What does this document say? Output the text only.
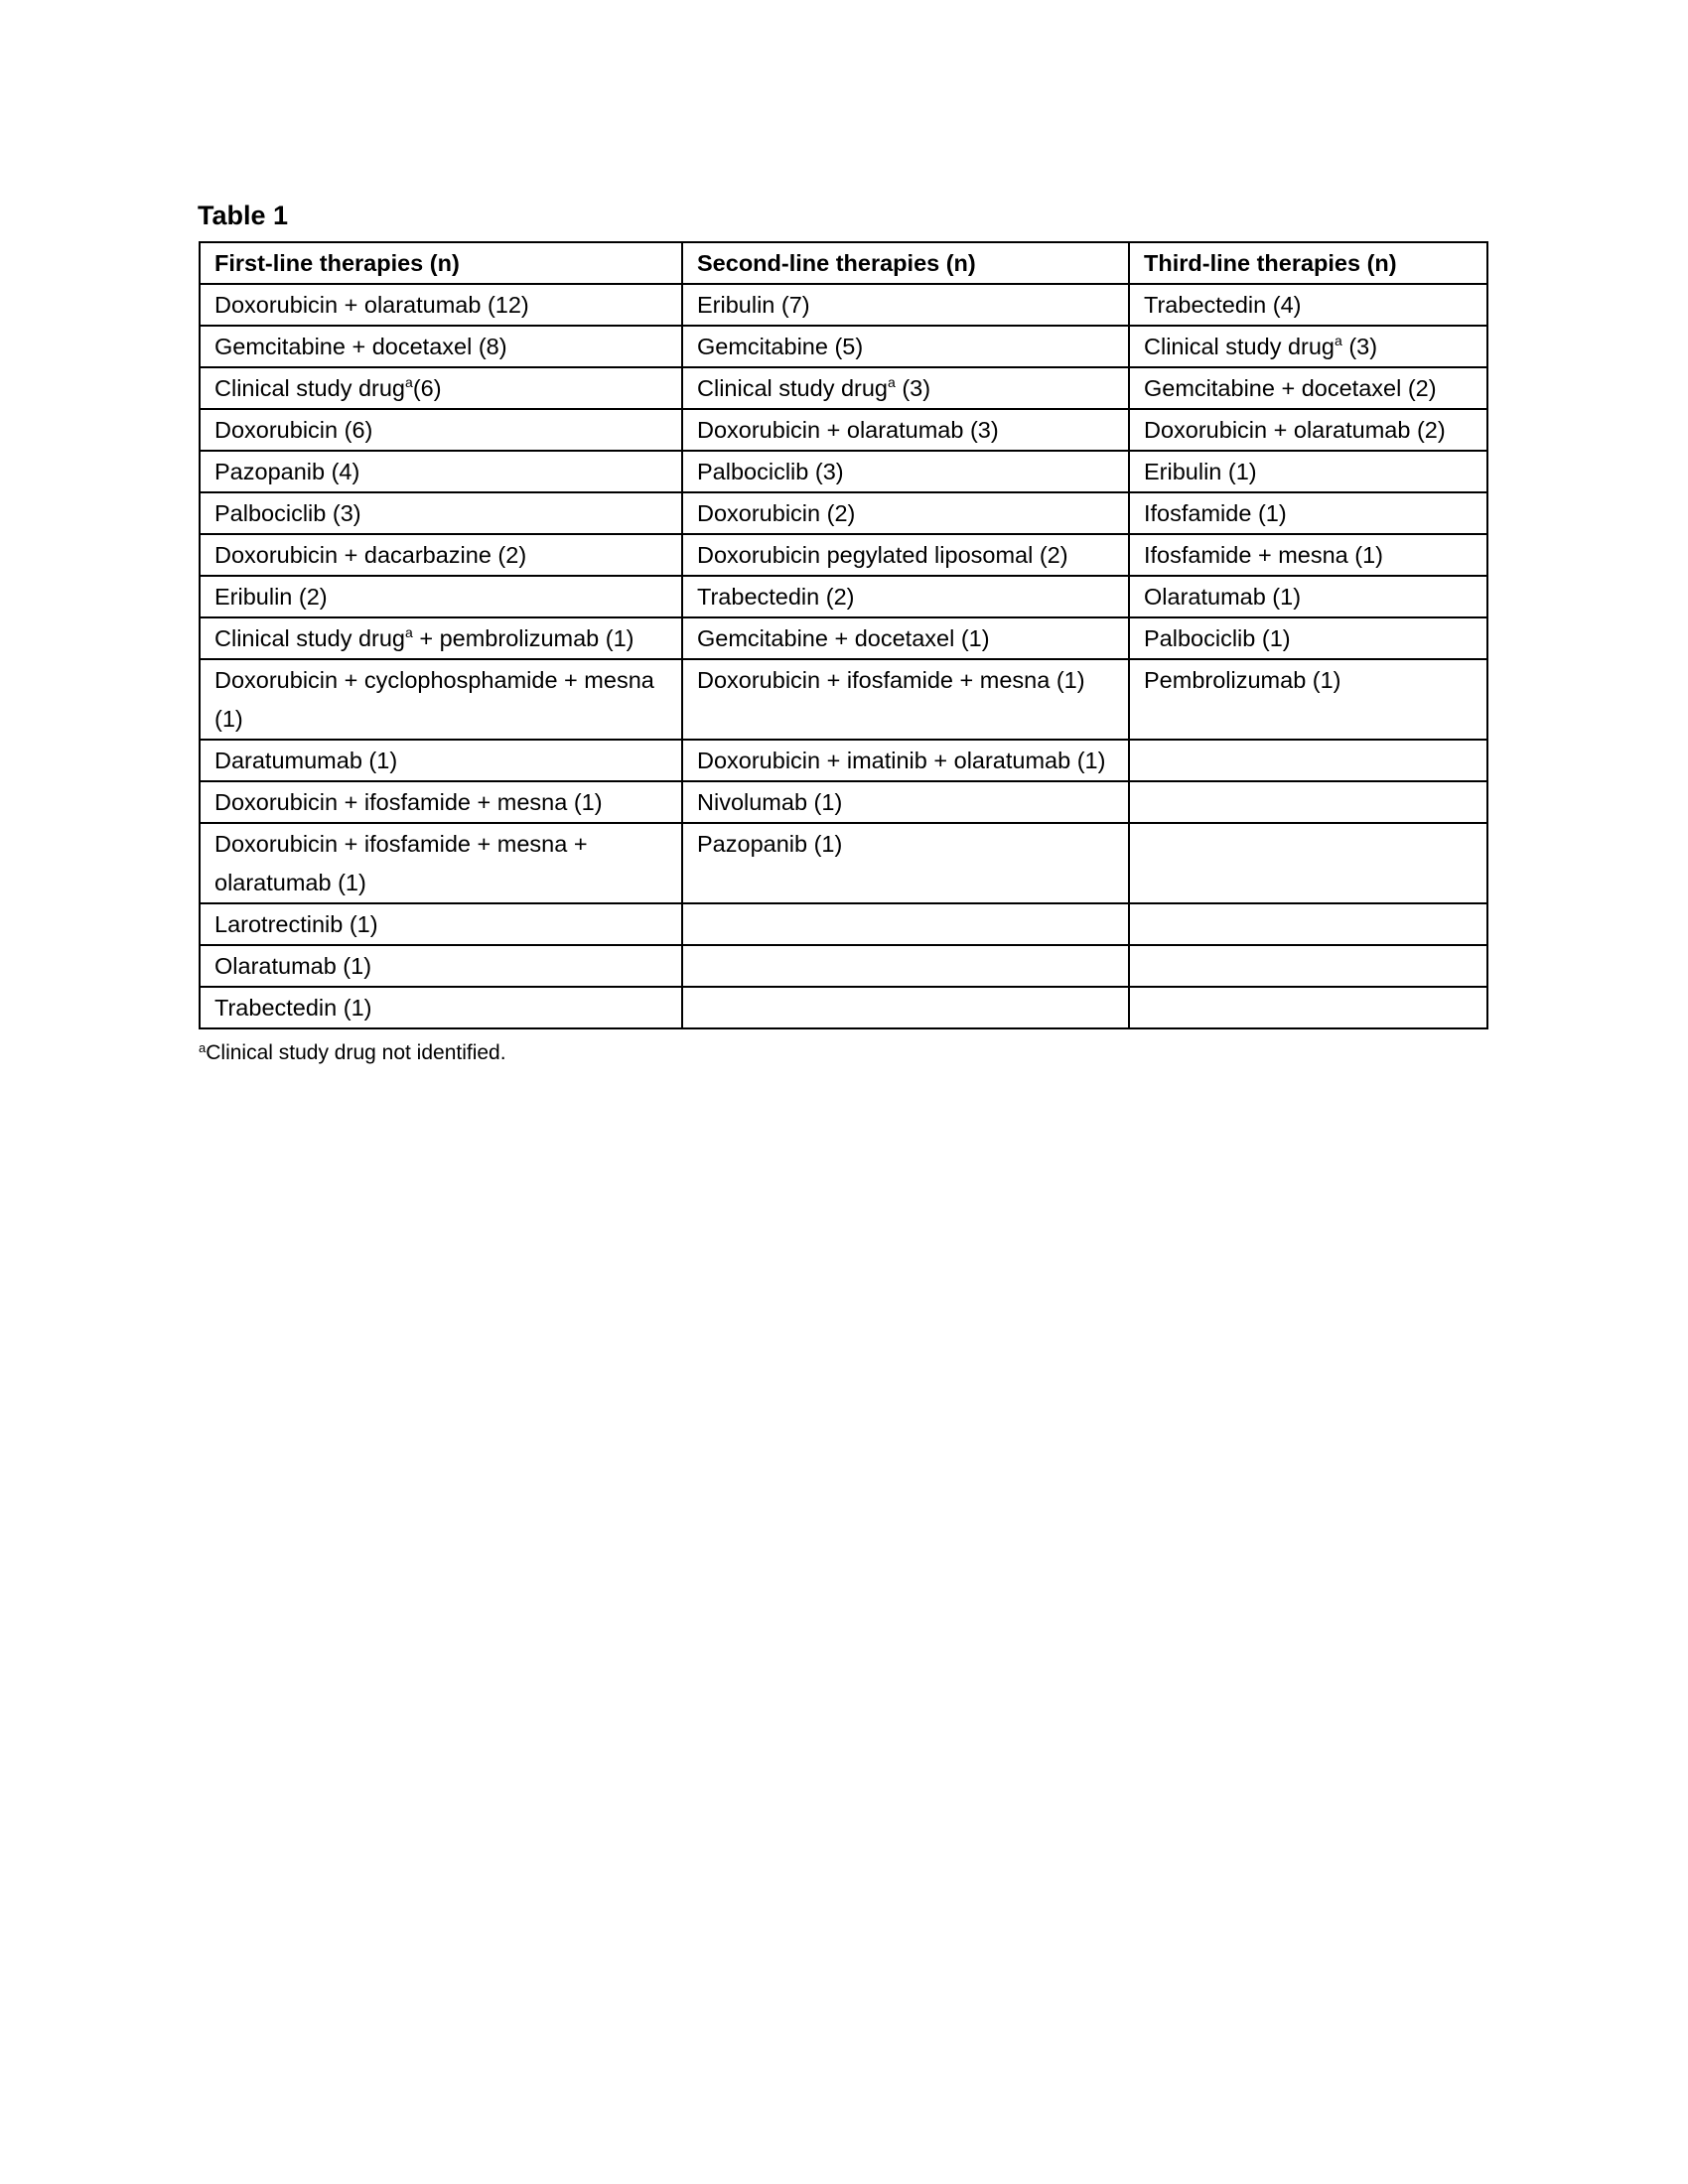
Table 1
First-line therapies (n)	Second-line therapies (n)	Third-line therapies (n)
Doxorubicin + olaratumab (12)	Eribulin (7)	Trabectedin (4)
Gemcitabine + docetaxel (8)	Gemcitabine (5)	Clinical study drug$^a$ (3)
Clinical study drug$^a$(6)	Clinical study drug$^a$ (3)	Gemcitabine + docetaxel (2)
Doxorubicin (6)	Doxorubicin + olaratumab (3)	Doxorubicin + olaratumab (2)
Pazopanib (4)	Palbociclib (3)	Eribulin (1)
Palbociclib (3)	Doxorubicin (2)	Ifosfamide (1)
Doxorubicin + dacarbazine (2)	Doxorubicin pegylated liposomal (2)	Ifosfamide + mesna (1)
Eribulin (2)	Trabectedin (2)	Olaratumab (1)
Clinical study drug$^a$ + pembrolizumab (1)	Gemcitabine + docetaxel (1)	Palbociclib (1)
Doxorubicin + cyclophosphamide + mesna (1)	Doxorubicin + ifosfamide + mesna (1)	Pembrolizumab (1)
Daratumumab (1)	Doxorubicin + imatinib + olaratumab (1)	
Doxorubicin + ifosfamide + mesna (1)	Nivolumab (1)	
Doxorubicin + ifosfamide + mesna + olaratumab (1)	Pazopanib (1)	
Larotrectinib (1)		
Olaratumab (1)		
Trabectedin (1)		
$^a$Clinical study drug not identified.
